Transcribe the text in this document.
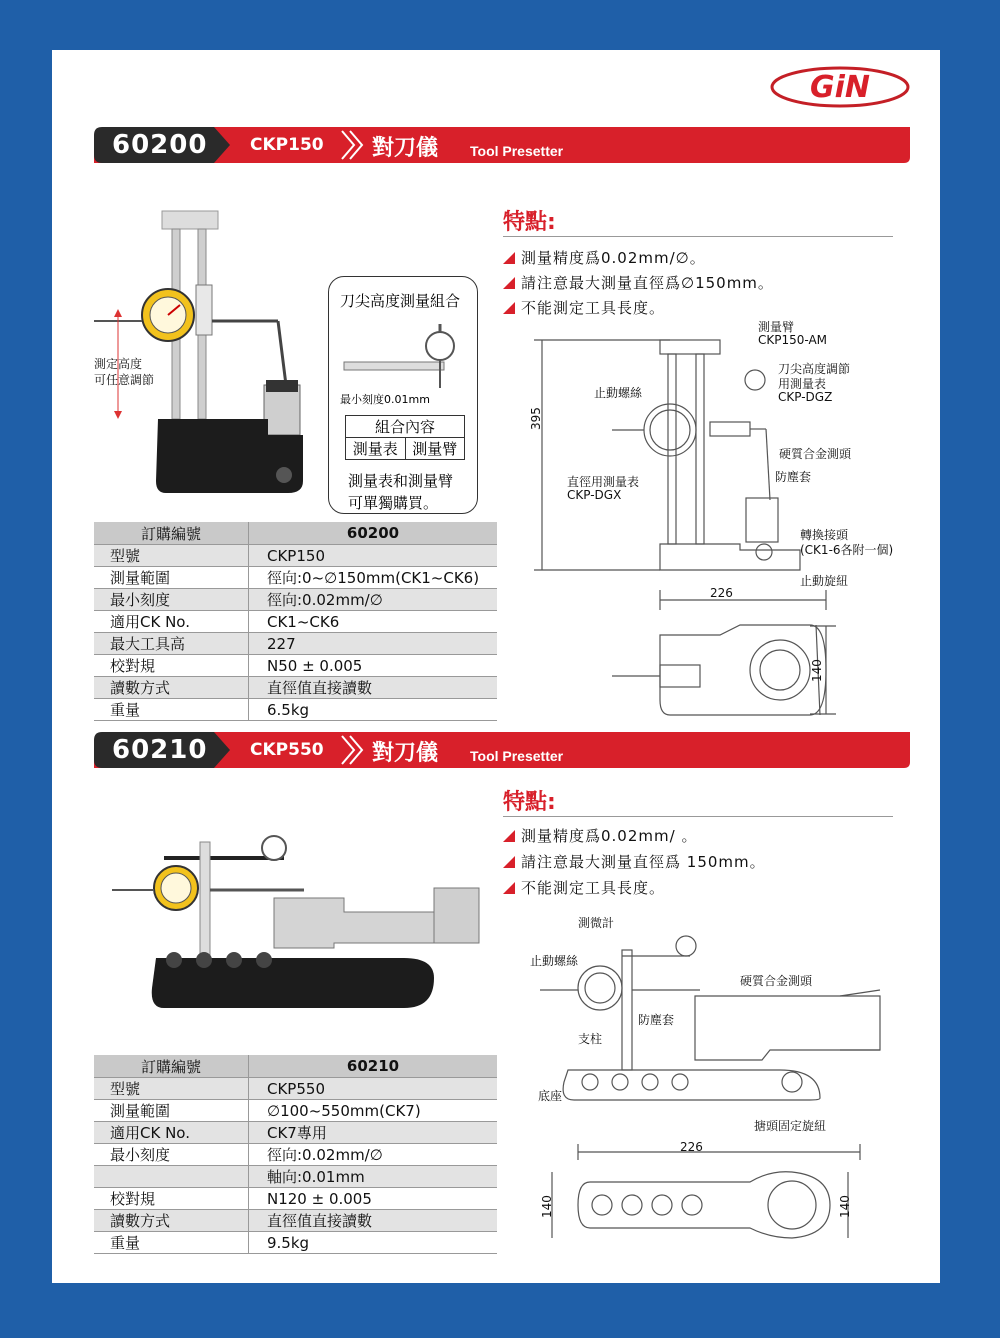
GiN
60200	CKP150 對刀儀 Tool Presetter
特點:
測量精度爲0.02mm/∅。
請注意最大測量直徑爲∅150mm。
不能測定工具長度。
測定高度
可任意調節
刀尖高度測量組合
最小刻度0.01mm
組合內容
測量表	測量臂
測量表和測量臂
可單獨購買。
訂購編號	60200
型號	CKP150
測量範圍	徑向:0~∅150mm(CK1~CK6)
最小刻度	徑向:0.02mm/∅
適用CK No.	CK1~CK6
最大工具高	227
校對規	N50 ± 0.005
讀數方式	直徑值直接讀數
重量	6.5kg
395
226
140
測量臂
CKP150-AM
止動螺絲
刀尖高度調節
用測量表
CKP-DGZ
硬質合金測頭
防塵套
直徑用測量表
CKP-DGX
轉換接頭
(CK1-6各附一個)
止動旋紐
60210	CKP550 對刀儀 Tool Presetter
特點:
測量精度爲0.02mm/ 。
請注意最大測量直徑爲 150mm。
不能測定工具長度。
訂購編號	60210
型號	CKP550
測量範圍	∅100~550mm(CK7)
適用CK No.	CK7專用
最小刻度	徑向:0.02mm/∅
	軸向:0.01mm
校對規	N120 ± 0.005
讀數方式	直徑值直接讀數
重量	9.5kg
測微計
止動螺絲
硬質合金測頭
防塵套
支柱
底座
搪頭固定旋紐
226
140	140
